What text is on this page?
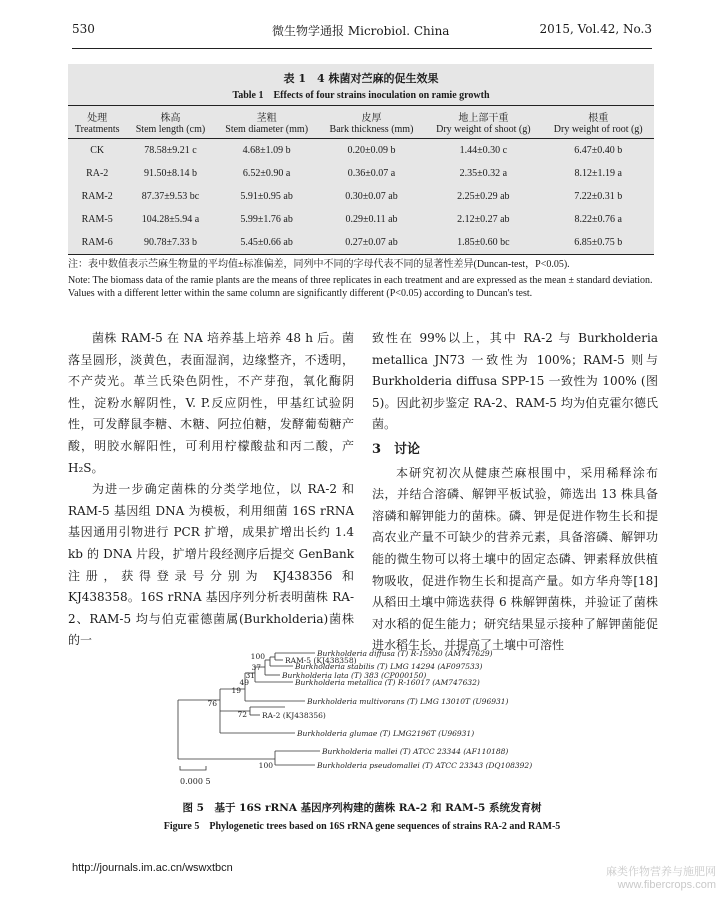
530	微生物学通报 Microbiol. China	2015, Vol.42, No.3
表 1　4 株菌对苎麻的促生效果
Table 1　Effects of four strains inoculation on ramie growth
处理	株高	茎粗	皮厚	地上部干重	根重
Treatments	Stem length (cm)	Stem diameter (mm)	Bark thickness (mm)	Dry weight of shoot (g)	Dry weight of root (g)
CK	78.58±9.21 c	4.68±1.09 b	0.20±0.09 b	1.44±0.30 c	6.47±0.40 b
RA-2	91.50±8.14 b	6.52±0.90 a	0.36±0.07 a	2.35±0.32 a	8.12±1.19 a
RAM-2	87.37±9.53 bc	5.91±0.95 ab	0.30±0.07 ab	2.25±0.29 ab	7.22±0.31 b
RAM-5	104.28±5.94 a	5.99±1.76 ab	0.29±0.11 ab	2.12±0.27 ab	8.22±0.76 a
RAM-6	90.78±7.33 b	5.45±0.66 ab	0.27±0.07 ab	1.85±0.60 bc	6.85±0.75 b
注：表中数值表示苎麻生物量的平均值±标准偏差，同列中不同的字母代表不同的显著性差异(Duncan-test，P<0.05).
Note: The biomass data of the ramie plants are the means of three replicates in each treatment and are expressed as the mean ± standard deviation. Values with a different letter within the same column are significantly different (P<0.05) according to Duncan's test.

菌株 RAM-5 在 NA 培养基上培养 48 h 后。菌落呈圆形，淡黄色，表面湿润，边缘整齐，不透明，不产荧光。革兰氏染色阴性，不产芽孢，氧化酶阴性，淀粉水解阴性，V. P.反应阴性，甲基红试验阴性，可发酵鼠李糖、木糖、阿拉伯糖，发酵葡萄糖产酸，明胶水解阳性，可利用柠檬酸盐和丙二酸，产 H₂S。

为进一步确定菌株的分类学地位，以 RA-2 和 RAM-5 基因组 DNA 为模板，利用细菌 16S rRNA 基因通用引物进行 PCR 扩增，成果扩增出长约 1.4 kb 的 DNA 片段，扩增片段经测序后提交 GenBank 注册，获得登录号分别为 KJ438356 和 KJ438358。16S rRNA 基因序列分析表明菌株 RA-2、RAM-5 均与伯克霍德菌属(Burkholderia)菌株的一

致性在 99%以上，其中 RA-2 与 Burkholderia metallica JN73 一致性为 100%；RAM-5 则与 Burkholderia diffusa SPP-15 一致性为 100% (图 5)。因此初步鉴定 RA-2、RAM-5 均为伯克霍尔德氏菌。

3　讨论

本研究初次从健康苎麻根围中，采用稀释涂布法，并结合溶磷、解钾平板试验，筛选出 13 株具备溶磷和解钾能力的菌株。磷、钾是促进作物生长和提高农业产量不可缺少的营养元素，具备溶磷、解钾功能的微生物可以将土壤中的固定态磷、钾素释放供植物吸收，促进作物生长和提高产量。如方华舟等[18]从稻田土壤中筛选获得 6 株解钾菌株，并验证了菌株对水稻的促生能力；研究结果显示接种了解钾菌能促进水稻生长，并提高了土壤中可溶性

100
37
31
49
19
76
72
100
Burkholderia diffusa (T) R-15930 (AM747629)
RAM-5 (KJ438358)
Burkholderia stabilis (T) LMG 14294 (AF097533)
Burkholderia lata (T) 383 (CP000150)
Burkholderia metallica (T) R-16017 (AM747632)
RA-2 (KJ438356)
Burkholderia multivorans (T) LMG 13010T (U96931)
Burkholderia glumae (T) LMG2196T (U96931)
Burkholderia mallei (T) ATCC 23344 (AF110188)
Burkholderia pseudomallei (T) ATCC 23343 (DQ108392)
0.000 5
图 5　基于 16S rRNA 基因序列构建的菌株 RA-2 和 RAM-5 系统发育树
Figure 5　Phylogenetic trees based on 16S rRNA gene sequences of strains RA-2 and RAM-5
http://journals.im.ac.cn/wswxtbcn	麻类作物营养与施肥网
www.fibercrops.com
